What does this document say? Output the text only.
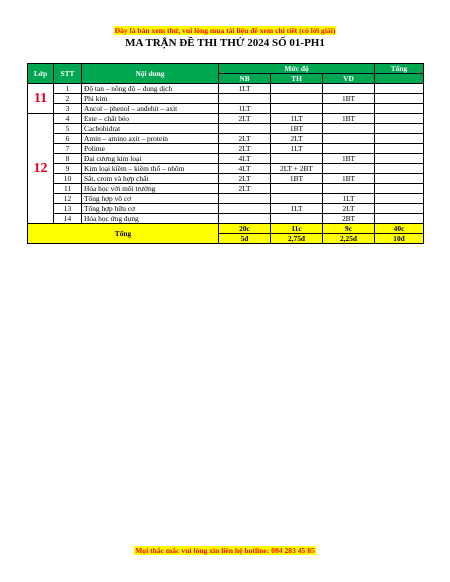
Đây là bản xem thử, vui lòng mua tài liệu để xem chi tiết (có lời giải)
MA TRẬN ĐỀ THI THỬ 2024 SỐ 01-PH1
Lớp	STT	Nội dung	Mức độ			Tổng
			NB	TH	VD	
11	1	Độ tan – nồng độ – dung dịch	1LT			
	2	Phi kim			1BT	
	3	Ancol – phenol – anđehit – axit	1LT			
12	4	Este – chất béo	2LT	1LT	1BT	
	5	Cacbohiđrat		1BT		
	6	Amin – amino axit – protein	2LT	2LT		
	7	Polime	2LT	1LT		
	8	Đại cương kim loại	4LT		1BT	
	9	Kim loại kiềm – kiềm thổ – nhôm	4LT	2LT + 2BT		
	10	Sắt, crom và hợp chất	2LT	1BT	1BT	
	11	Hóa học với môi trường	2LT			
	12	Tổng hợp vô cơ			1LT	
	13	Tổng hợp hữu cơ		1LT	2LT	
	14	Hóa học ứng dụng			2BT	
Tổng			20c	11c	9c	40c
			5đ	2,75đ	2,25đ	10đ
Mọi thắc mắc vui lòng xin liên hệ hotline: 084 283 45 85
